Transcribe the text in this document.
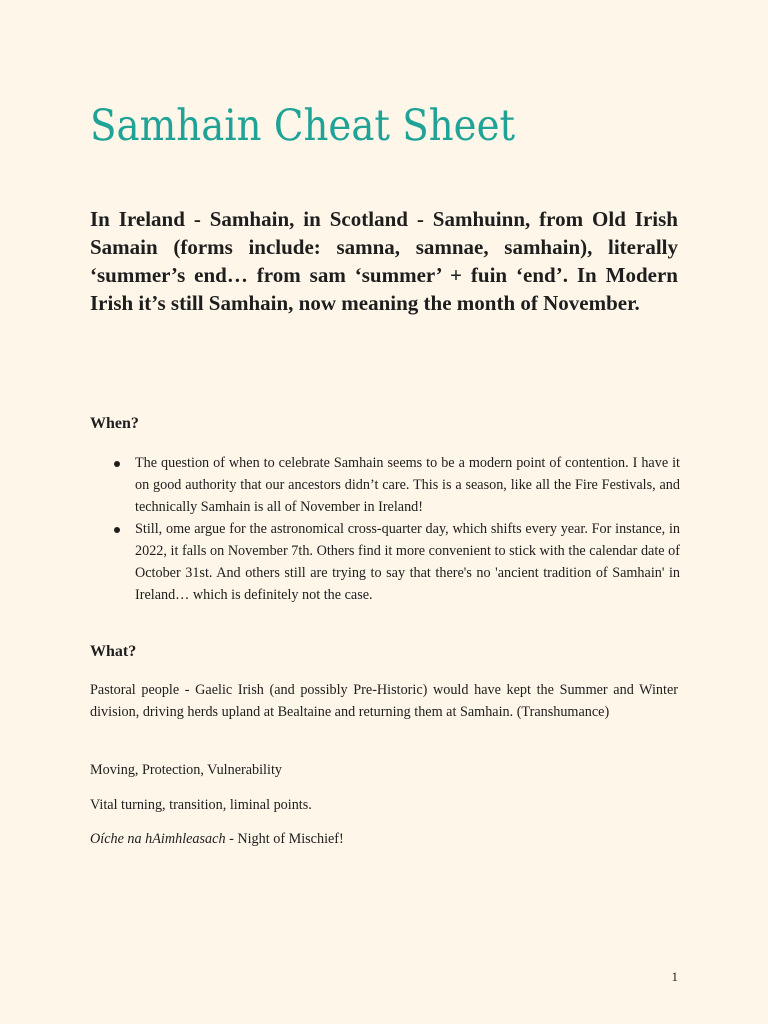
Samhain Cheat Sheet

In Ireland - Samhain, in Scotland - Samhuinn, from Old Irish Samain (forms include: samna, samnae, samhain), literally ‘summer’s end… from sam ‘summer’ + fuin ‘end’. In Modern Irish it’s still Samhain, now meaning the month of November.

When?
The question of when to celebrate Samhain seems to be a modern point of contention. I have it on good authority that our ancestors didn’t care. This is a season, like all the Fire Festivals, and technically Samhain is all of November in Ireland!
Still, ome argue for the astronomical cross-quarter day, which shifts every year. For instance, in 2022, it falls on November 7th. Others find it more convenient to stick with the calendar date of October 31st. And others still are trying to say that there's no 'ancient tradition of Samhain' in Ireland… which is definitely not the case.
What?

Pastoral people - Gaelic Irish (and possibly Pre-Historic) would have kept the Summer and Winter division, driving herds upland at Bealtaine and returning them at Samhain. (Transhumance)

Moving, Protection, Vulnerability

Vital turning, transition, liminal points.

Oíche na hAimhleasach - Night of Mischief!

1
